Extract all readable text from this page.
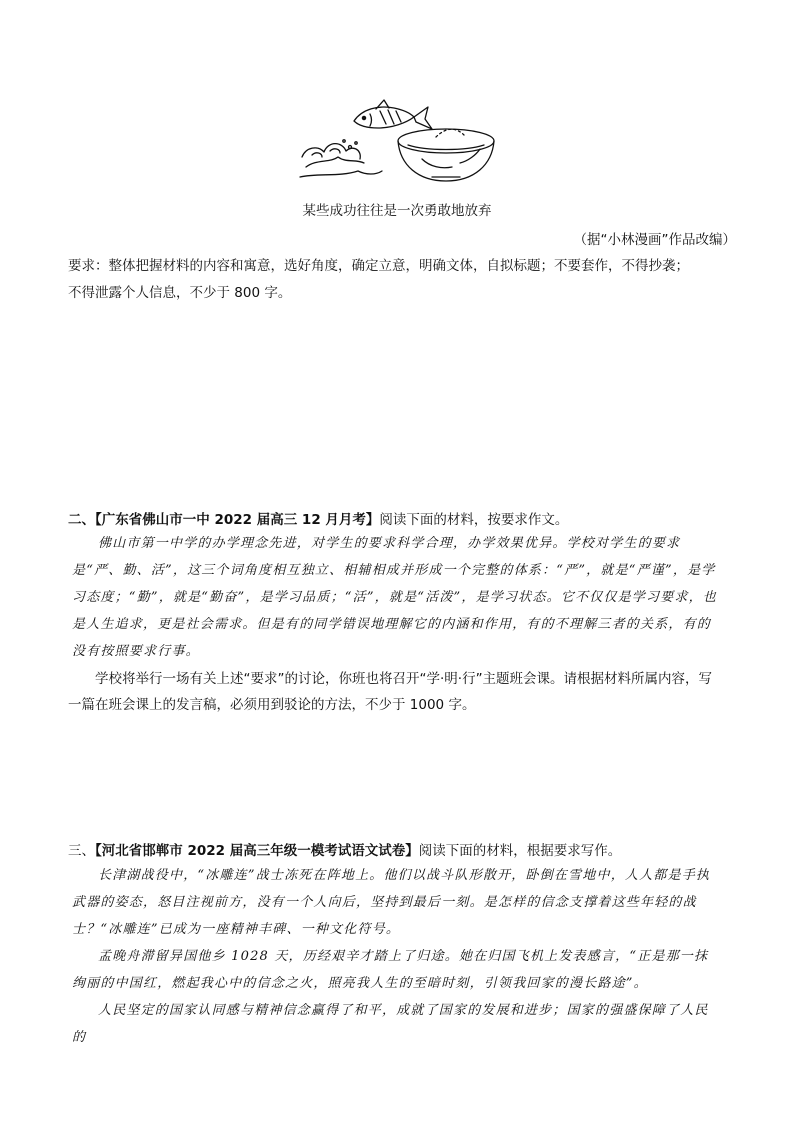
某些成功往往是一次勇敢地放弃
（据“小林漫画”作品改编）
要求：整体把握材料的内容和寓意，选好角度，确定立意，明确文体，自拟标题；不要套作，不得抄袭；
不得泄露个人信息，不少于 800 字。
二、【广东省佛山市一中 2022 届高三 12 月月考】阅读下面的材料，按要求作文。

佛山市第一中学的办学理念先进，对学生的要求科学合理，办学效果优异。学校对学生的要求是“严、勤、活”，这三个词角度相互独立、相辅相成并形成一个完整的体系：“严”，就是“严谨”，是学习态度；“勤”，就是“勤奋”，是学习品质；“活”，就是“活泼”，是学习状态。它不仅仅是学习要求，也是人生追求，更是社会需求。但是有的同学错误地理解它的内涵和作用，有的不理解三者的关系，有的没有按照要求行事。

学校将举行一场有关上述“要求”的讨论，你班也将召开“学·明·行”主题班会课。请根据材料所属内容，写一篇在班会课上的发言稿，必须用到驳论的方法，不少于 1000 字。

三、【河北省邯郸市 2022 届高三年级一模考试语文试卷】阅读下面的材料，根据要求写作。

长津湖战役中，“冰雕连”战士冻死在阵地上。他们以战斗队形散开，卧倒在雪地中，人人都是手执武器的姿态，怒目注视前方，没有一个人向后，坚持到最后一刻。是怎样的信念支撑着这些年轻的战士？“冰雕连”已成为一座精神丰碑、一种文化符号。

孟晚舟滞留异国他乡 1028 天，历经艰辛才踏上了归途。她在归国飞机上发表感言，“正是那一抹绚丽的中国红，燃起我心中的信念之火，照亮我人生的至暗时刻，引领我回家的漫长路途”。

人民坚定的国家认同感与精神信念赢得了和平，成就了国家的发展和进步；国家的强盛保障了人民的
